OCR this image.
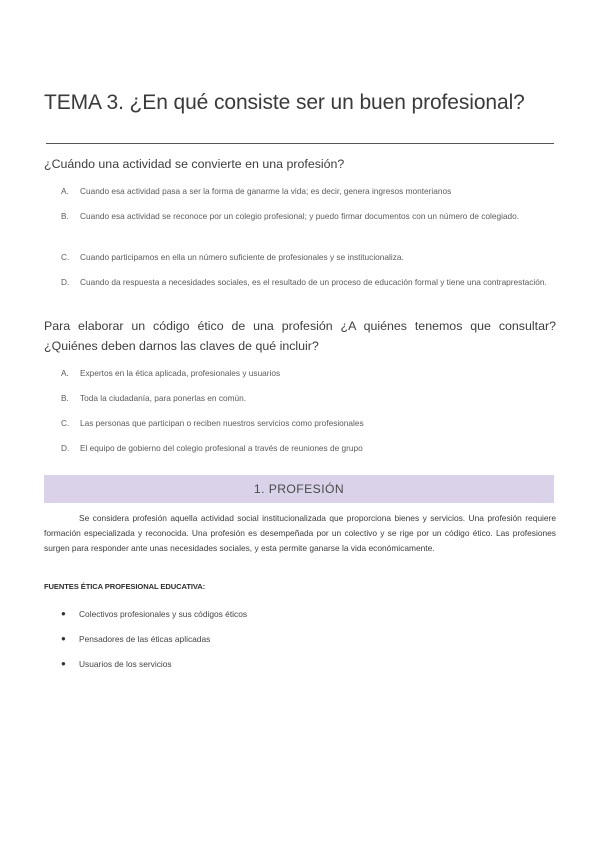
TEMA 3. ¿En qué consiste ser un buen profesional?
¿Cuándo una actividad se convierte en una profesión?
A. Cuando esa actividad pasa a ser la forma de ganarme la vida; es decir, genera ingresos monterianos
B. Cuando esa actividad se reconoce por un colegio profesional; y puedo firmar documentos con un número de colegiado.
C. Cuando participamos en ella un número suficiente de profesionales y se institucionaliza.
D. Cuando da respuesta a necesidades sociales, es el resultado de un proceso de educación formal y tiene una contraprestación.
Para elaborar un código ético de una profesión ¿A quiénes tenemos que consultar? ¿Quiénes deben darnos las claves de qué incluir?
A. Expertos en la ética aplicada, profesionales y usuarios
B. Toda la ciudadanía, para ponerlas en común.
C. Las personas que participan o reciben nuestros servicios como profesionales
D. El equipo de gobierno del colegio profesional a través de reuniones de grupo
1. PROFESIÓN
Se considera profesión aquella actividad social institucionalizada que proporciona bienes y servicios. Una profesión requiere formación especializada y reconocida. Una profesión es desempeñada por un colectivo y se rige por un código ético. Las profesiones surgen para responder ante unas necesidades sociales, y esta permite ganarse la vida económicamente.
FUENTES ÉTICA PROFESIONAL EDUCATIVA:
● Colectivos profesionales y sus códigos éticos
● Pensadores de las éticas aplicadas
● Usuarios de los servicios
